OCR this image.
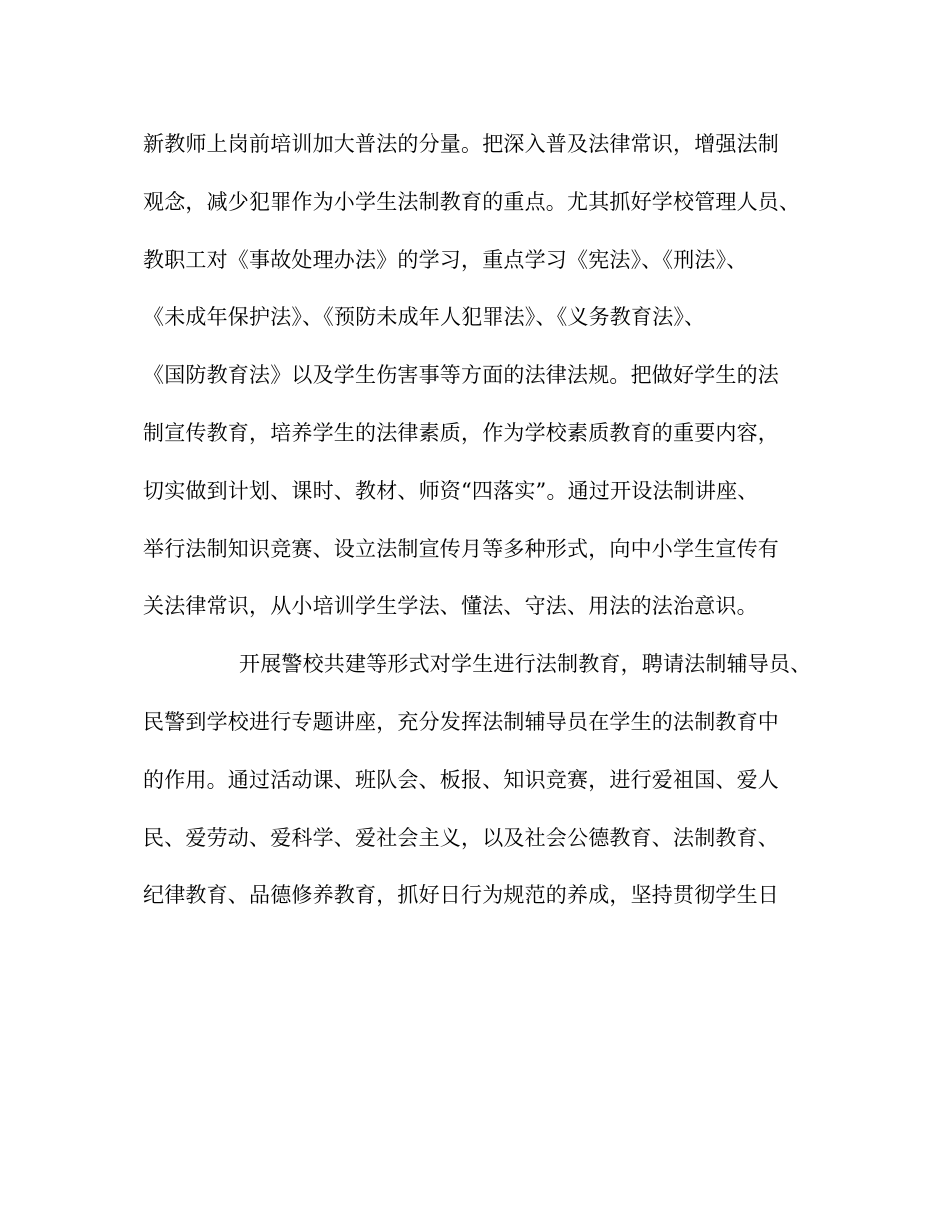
新教师上岗前培训加大普法的分量。把深入普及法律常识，增强法制
观念，减少犯罪作为小学生法制教育的重点。尤其抓好学校管理人员、
教职工对《事故处理办法》的学习，重点学习《宪法》、《刑法》、
《未成年保护法》、《预防未成年人犯罪法》、《义务教育法》、
《国防教育法》以及学生伤害事等方面的法律法规。把做好学生的法
制宣传教育，培养学生的法律素质，作为学校素质教育的重要内容，
切实做到计划、课时、教材、师资“四落实”。通过开设法制讲座、
举行法制知识竞赛、设立法制宣传月等多种形式，向中小学生宣传有
关法律常识，从小培训学生学法、懂法、守法、用法的法治意识。
开展警校共建等形式对学生进行法制教育，聘请法制辅导员、
民警到学校进行专题讲座，充分发挥法制辅导员在学生的法制教育中
的作用。通过活动课、班队会、板报、知识竞赛，进行爱祖国、爱人
民、爱劳动、爱科学、爱社会主义，以及社会公德教育、法制教育、
纪律教育、品德修养教育，抓好日行为规范的养成，坚持贯彻学生日
